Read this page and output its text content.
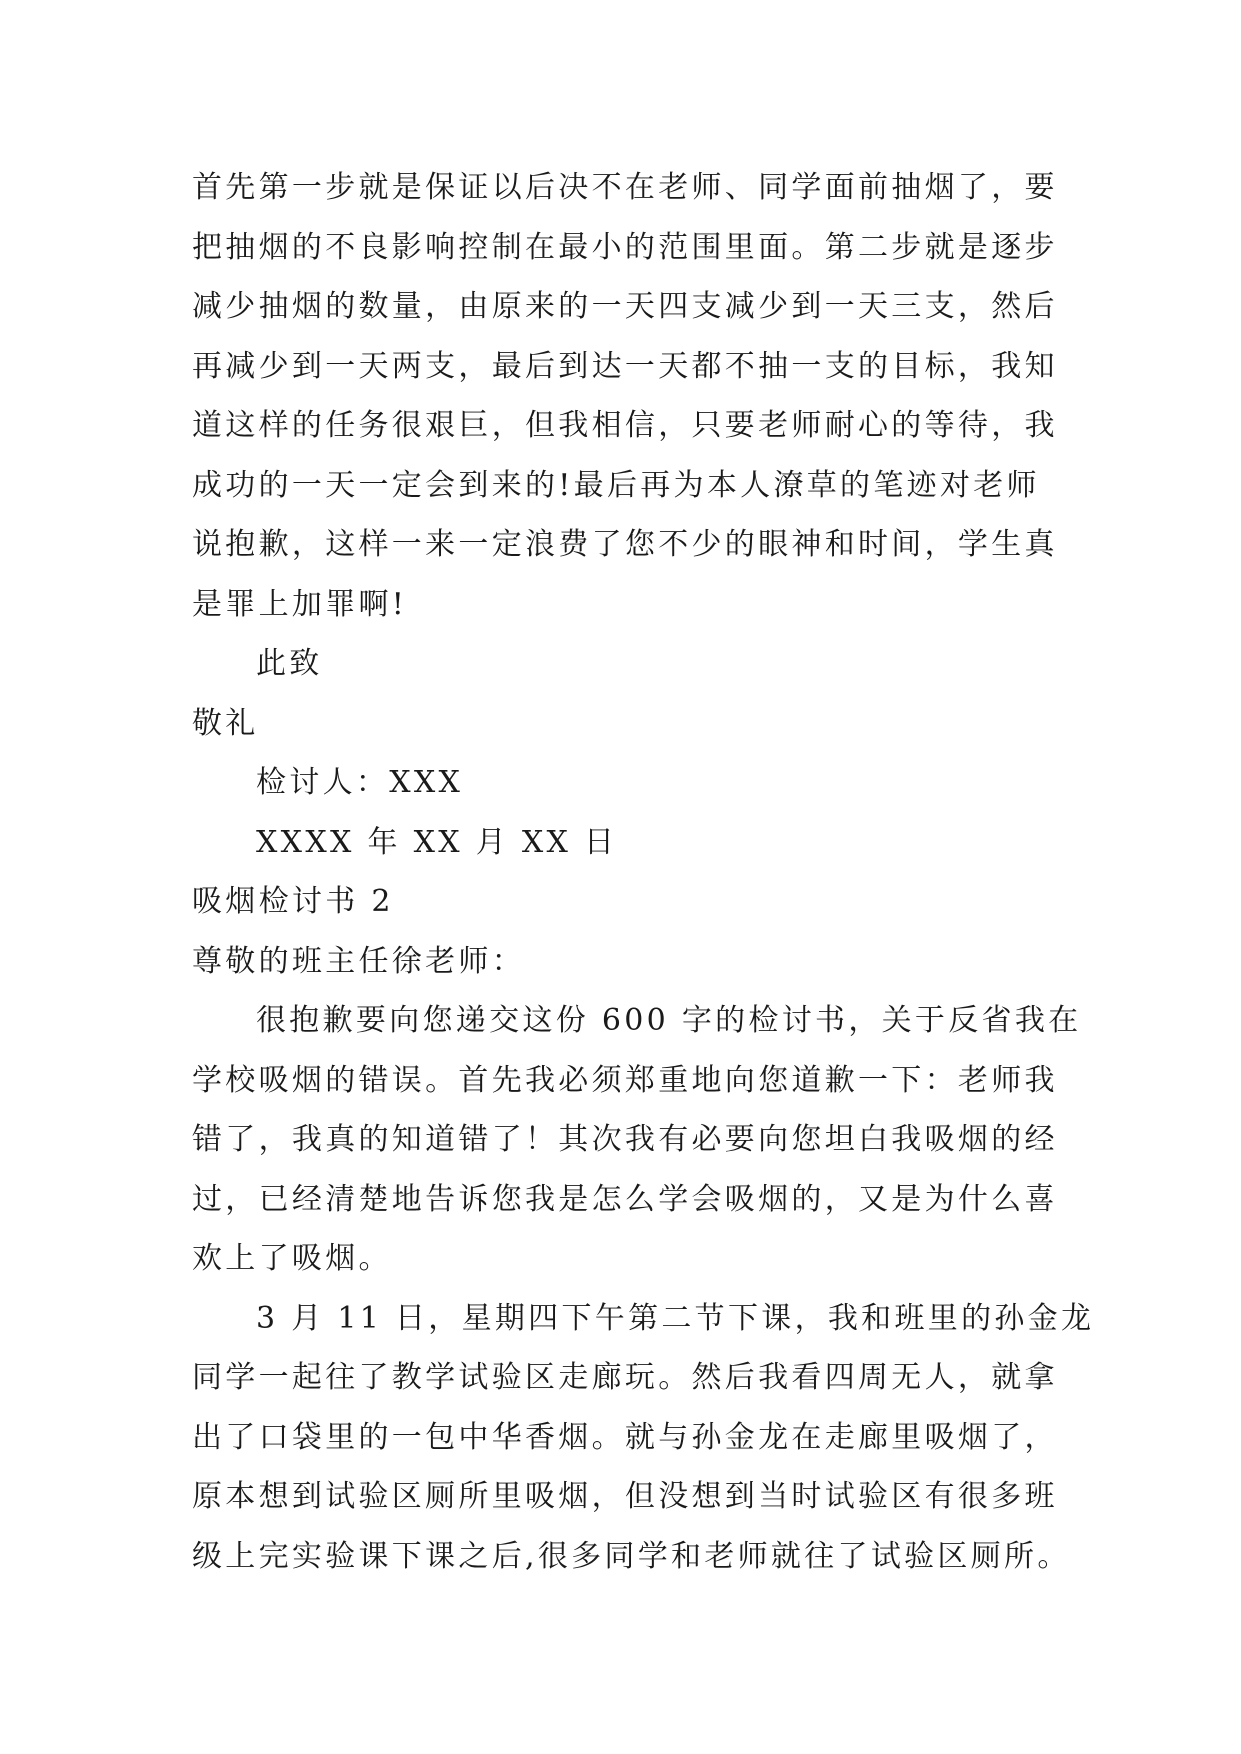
首先第一步就是保证以后决不在老师、同学面前抽烟了，要
把抽烟的不良影响控制在最小的范围里面。第二步就是逐步
减少抽烟的数量，由原来的一天四支减少到一天三支，然后
再减少到一天两支，最后到达一天都不抽一支的目标，我知
道这样的任务很艰巨，但我相信，只要老师耐心的等待，我
成功的一天一定会到来的!最后再为本人潦草的笔迹对老师
说抱歉，这样一来一定浪费了您不少的眼神和时间，学生真
是罪上加罪啊!
此致
敬礼
检讨人：XXX
XXXX 年 XX 月 XX 日
吸烟检讨书 2
尊敬的班主任徐老师：
很抱歉要向您递交这份 600 字的检讨书，关于反省我在
学校吸烟的错误。首先我必须郑重地向您道歉一下：老师我
错了，我真的知道错了！其次我有必要向您坦白我吸烟的经
过，已经清楚地告诉您我是怎么学会吸烟的，又是为什么喜
欢上了吸烟。
3 月 11 日，星期四下午第二节下课，我和班里的孙金龙
同学一起往了教学试验区走廊玩。然后我看四周无人，就拿
出了口袋里的一包中华香烟。就与孙金龙在走廊里吸烟了，
原本想到试验区厕所里吸烟，但没想到当时试验区有很多班
级上完实验课下课之后,很多同学和老师就往了试验区厕所。
